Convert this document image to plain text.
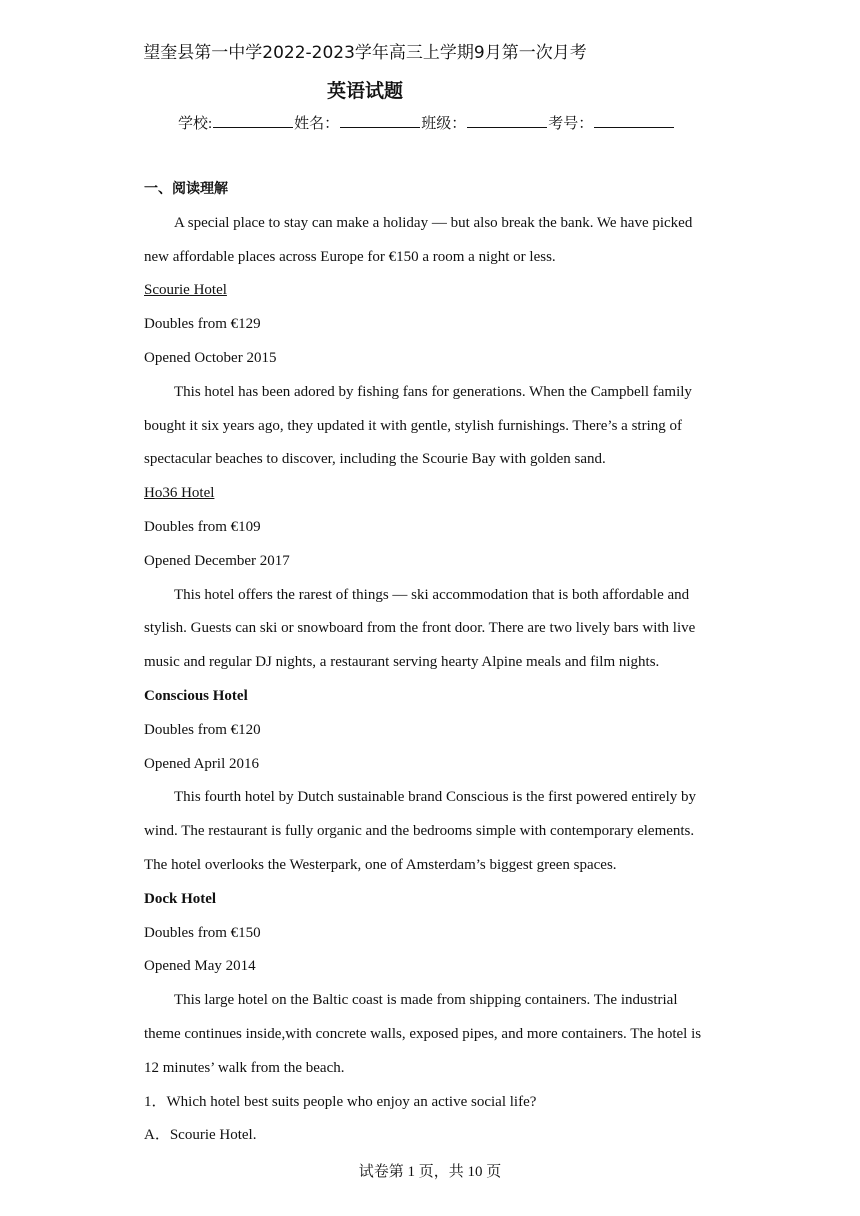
望奎县第一中学2022-2023学年高三上学期9月第一次月考
英语试题
学校:	姓名：	班级：	考号：
一、阅读理解
A special place to stay can make a holiday — but also break the bank. We have picked
new affordable places across Europe for €150 a room a night or less.
Scourie Hotel
Doubles from €129
Opened October 2015
This hotel has been adored by fishing fans for generations. When the Campbell family
bought it six years ago, they updated it with gentle, stylish furnishings. There’s a string of
spectacular beaches to discover, including the Scourie Bay with golden sand.
Ho36 Hotel
Doubles from €109
Opened December 2017
This hotel offers the rarest of things — ski accommodation that is both affordable and
stylish. Guests can ski or snowboard from the front door. There are two lively bars with live
music and regular DJ nights, a restaurant serving hearty Alpine meals and film nights.
Conscious Hotel
Doubles from €120
Opened April 2016
This fourth hotel by Dutch sustainable brand Conscious is the first powered entirely by
wind. The restaurant is fully organic and the bedrooms simple with contemporary elements.
The hotel overlooks the Westerpark, one of Amsterdam’s biggest green spaces.
Dock Hotel
Doubles from €150
Opened May 2014
This large hotel on the Baltic coast is made from shipping containers. The industrial
theme continues inside,with concrete walls, exposed pipes, and more containers. The hotel is
12 minutes’ walk from the beach.
1．Which hotel best suits people who enjoy an active social life?
A．Scourie Hotel.
试卷第 1 页，共 10 页
